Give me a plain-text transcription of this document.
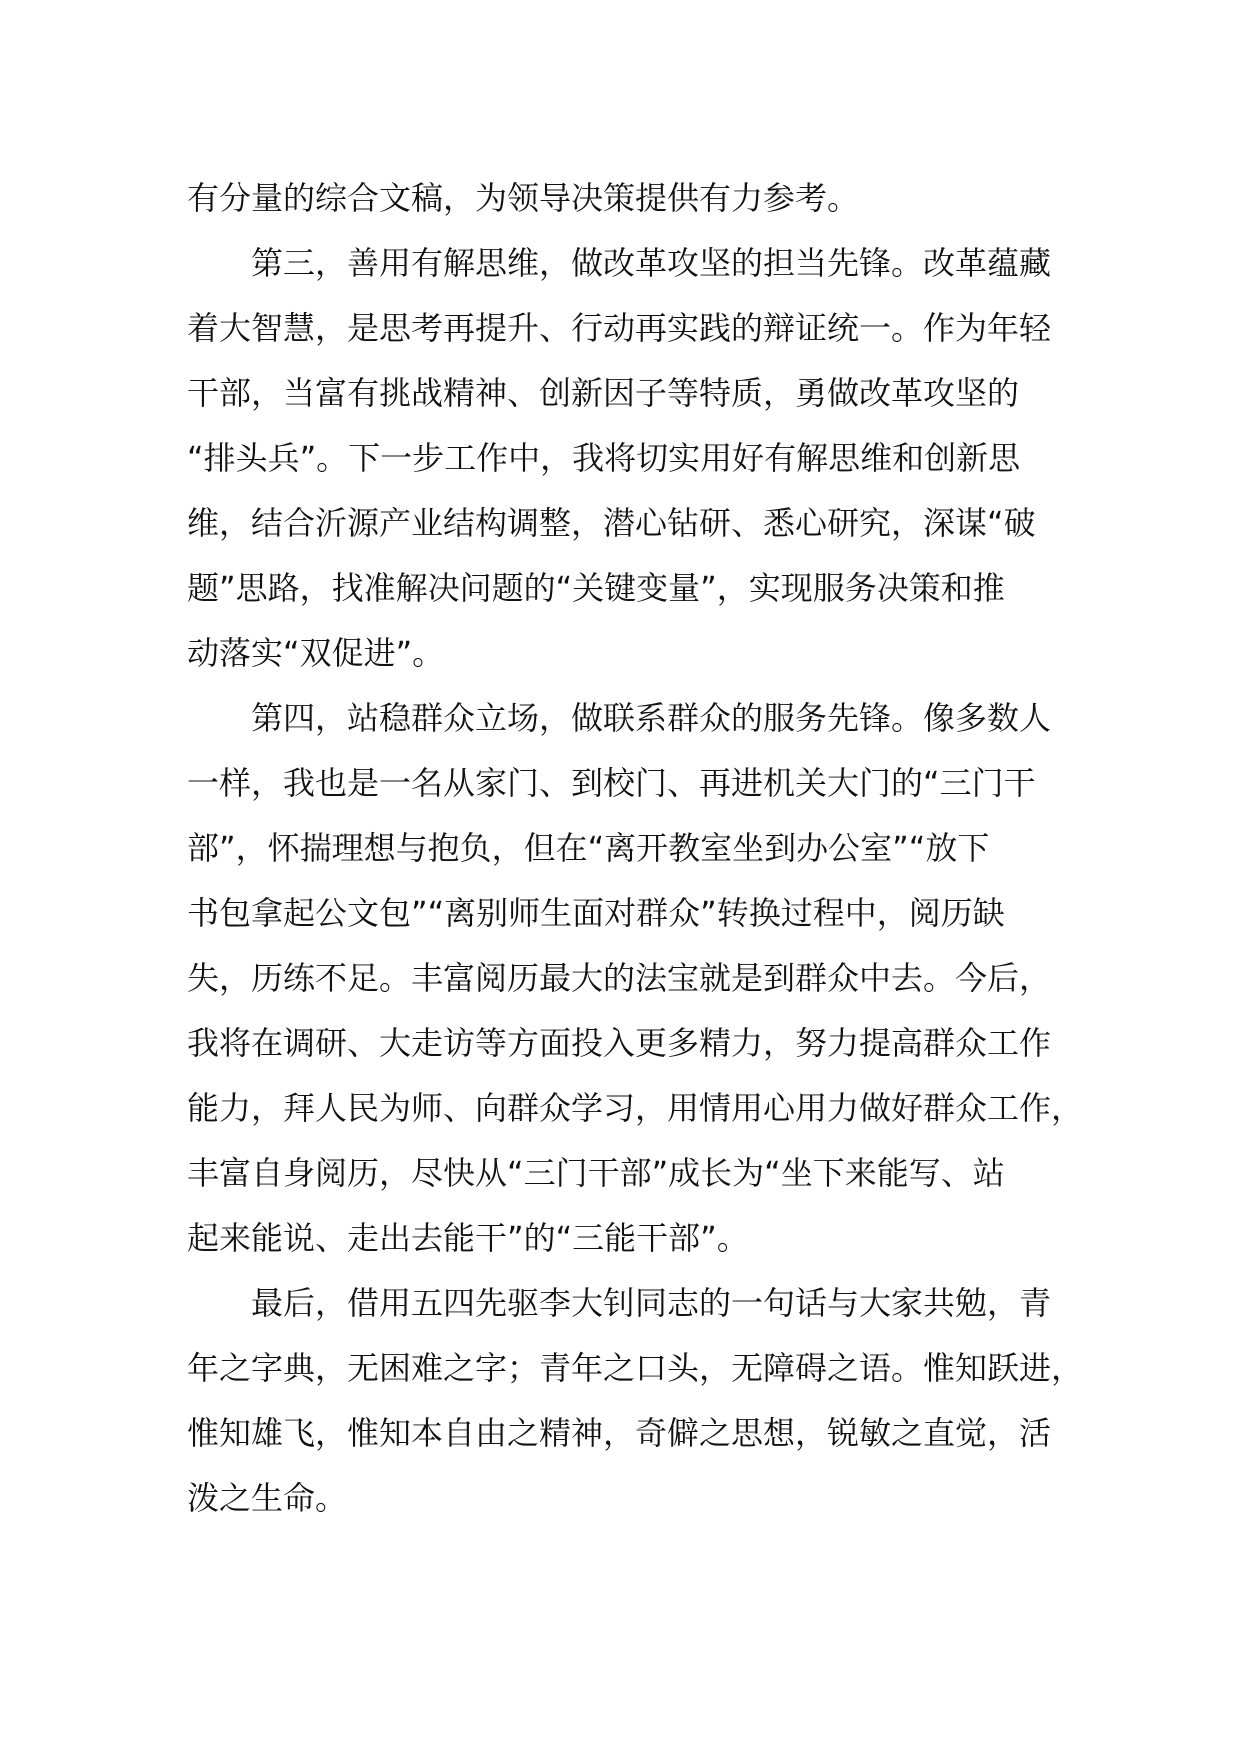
有分量的综合文稿，为领导决策提供有力参考。

第三，善用有解思维，做改革攻坚的担当先锋。改革蕴藏
着大智慧，是思考再提升、行动再实践的辩证统一。作为年轻
干部，当富有挑战精神、创新因子等特质，勇做改革攻坚的
“排头兵”。下一步工作中，我将切实用好有解思维和创新思
维，结合沂源产业结构调整，潜心钻研、悉心研究，深谋“破
题”思路，找准解决问题的“关键变量”，实现服务决策和推
动落实“双促进”。

第四，站稳群众立场，做联系群众的服务先锋。像多数人
一样，我也是一名从家门、到校门、再进机关大门的“三门干
部”，怀揣理想与抱负，但在“离开教室坐到办公室”“放下
书包拿起公文包”“离别师生面对群众”转换过程中，阅历缺
失，历练不足。丰富阅历最大的法宝就是到群众中去。今后，
我将在调研、大走访等方面投入更多精力，努力提高群众工作
能力，拜人民为师、向群众学习，用情用心用力做好群众工作，
丰富自身阅历，尽快从“三门干部”成长为“坐下来能写、站
起来能说、走出去能干”的“三能干部”。

最后，借用五四先驱李大钊同志的一句话与大家共勉，青
年之字典，无困难之字；青年之口头，无障碍之语。惟知跃进，
惟知雄飞，惟知本自由之精神，奇僻之思想，锐敏之直觉，活
泼之生命。
